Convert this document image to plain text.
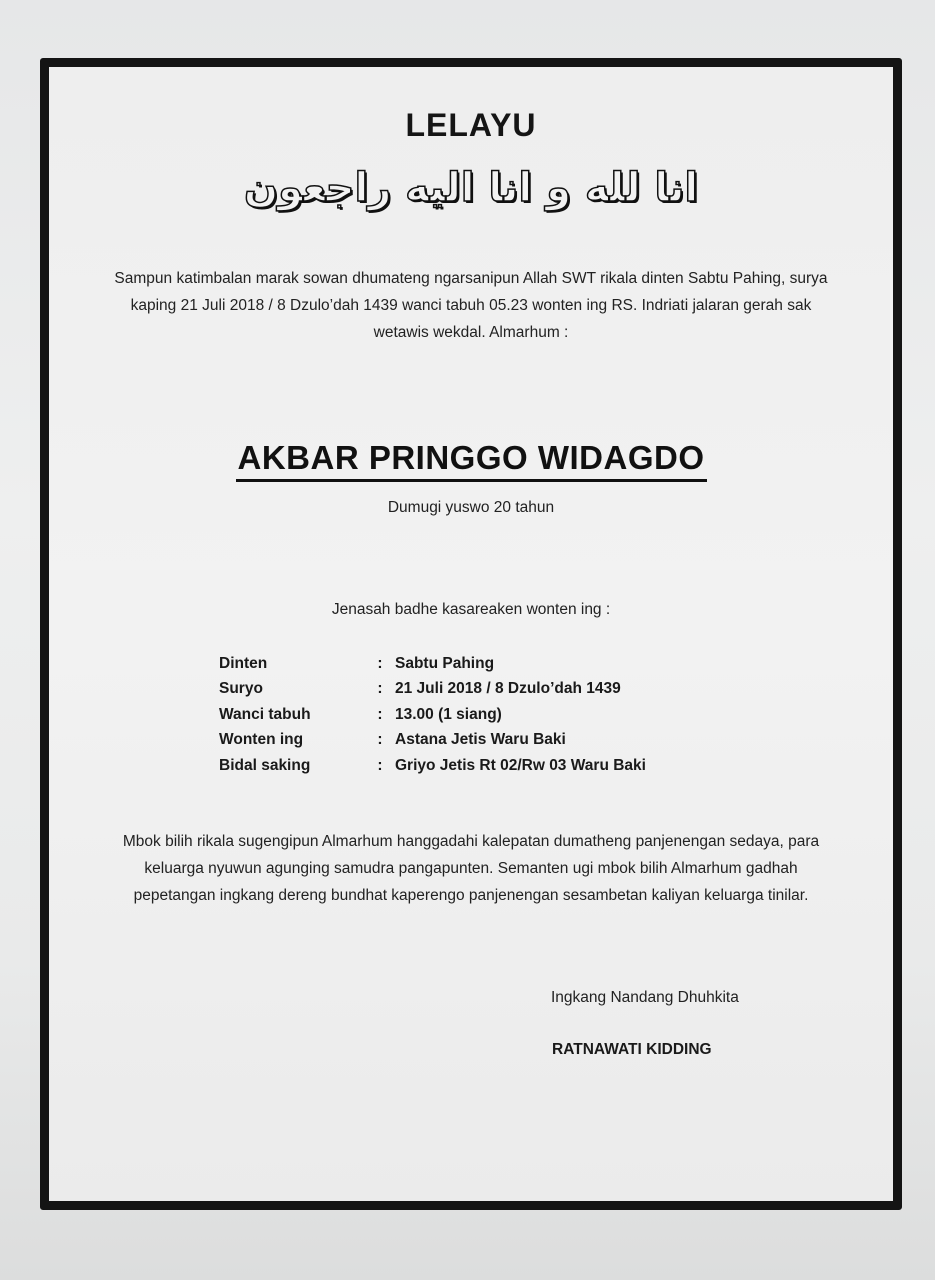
LELAYU
انا لله و انا اليه راجعون
Sampun katimbalan marak sowan dhumateng ngarsanipun Allah SWT rikala dinten Sabtu Pahing, surya kaping 21 Juli 2018 / 8 Dzulo’dah 1439 wanci tabuh 05.23 wonten ing RS. Indriati jalaran gerah sak wetawis wekdal. Almarhum :
AKBAR PRINGGO WIDAGDO
Dumugi yuswo 20 tahun
Jenasah badhe kasareaken wonten ing :
Dinten	: Sabtu Pahing
Suryo	: 21 Juli 2018 / 8 Dzulo’dah 1439
Wanci tabuh	: 13.00 (1 siang)
Wonten ing	: Astana Jetis Waru Baki
Bidal saking	: Griyo Jetis Rt 02/Rw 03 Waru Baki
Mbok bilih rikala sugengipun Almarhum hanggadahi kalepatan dumatheng panjenengan sedaya, para keluarga nyuwun agunging samudra pangapunten. Semanten ugi mbok bilih Almarhum gadhah pepetangan ingkang dereng bundhat kaperengo panjenengan sesambetan kaliyan keluarga tinilar.
Ingkang Nandang Dhuhkita
RATNAWATI KIDDING
